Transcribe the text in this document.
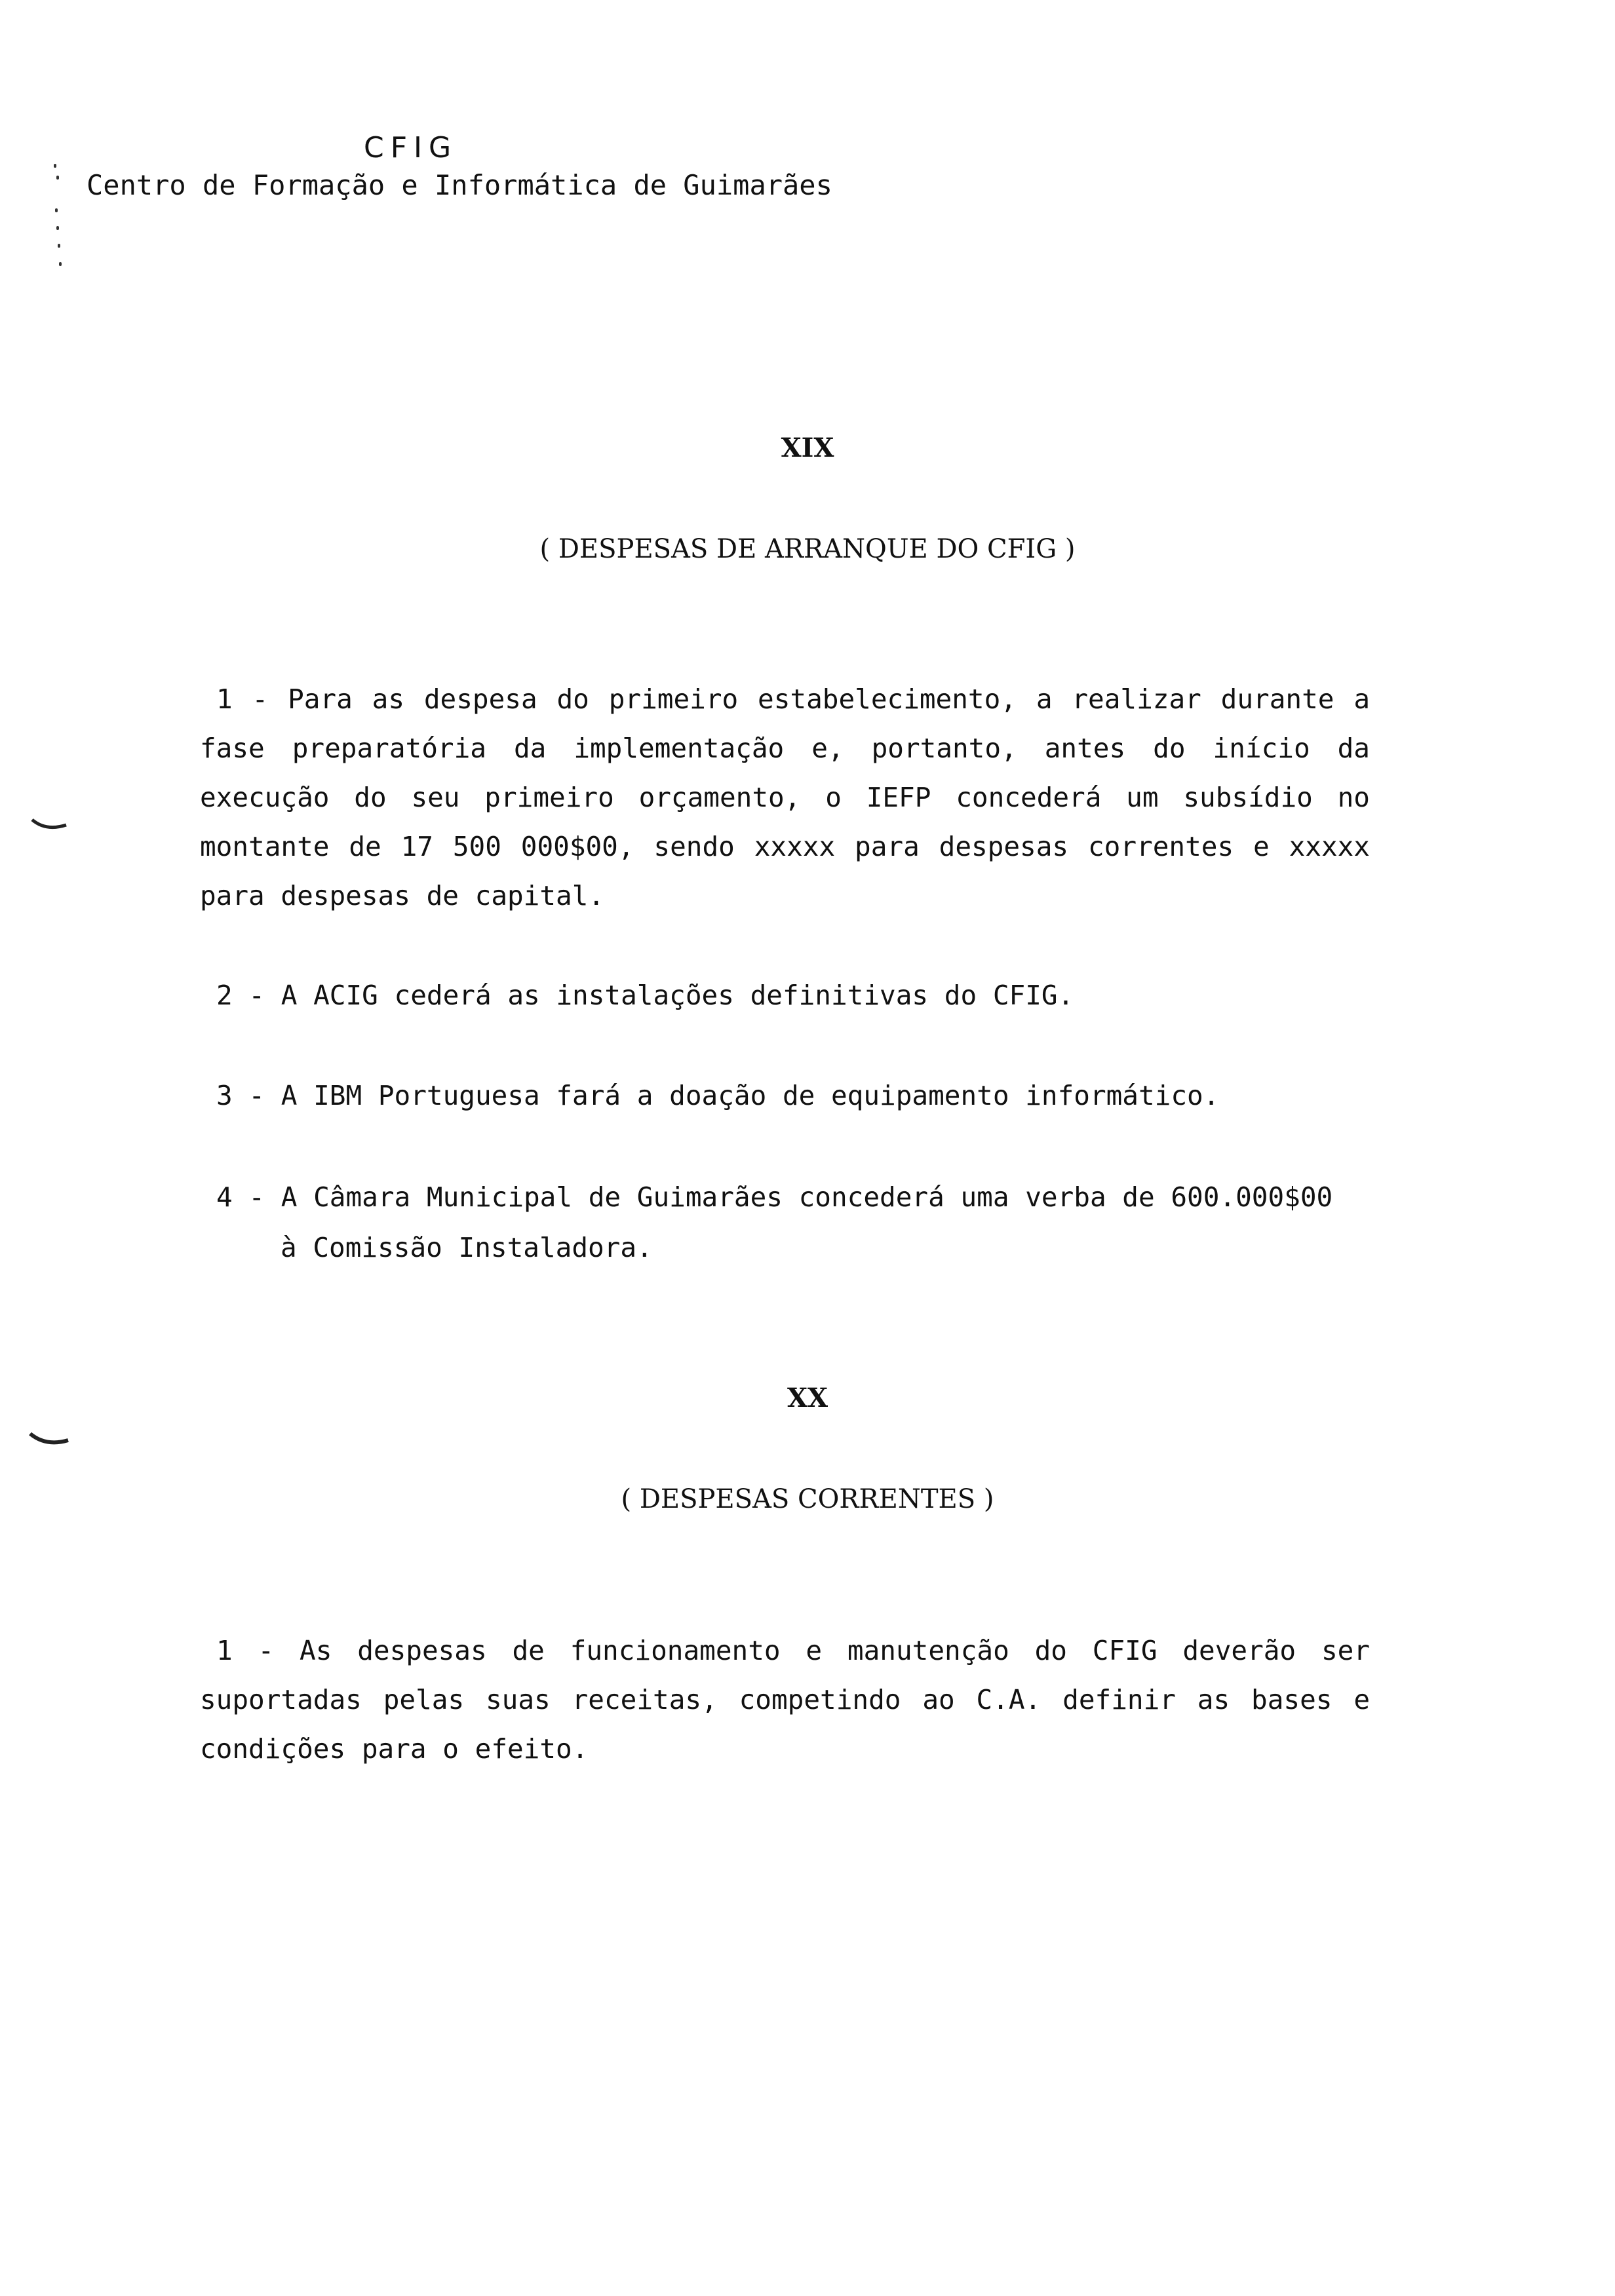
CFIG
Centro de Formação e Informática de Guimarães
XIX
( DESPESAS DE ARRANQUE DO CFIG )
1 - Para as despesa do primeiro estabelecimento, a realizar durante a fase preparatória da implementação e, portanto, antes do início da execução do seu primeiro orçamento, o IEFP concederá um subsídio no montante de 17 500 000$00, sendo xxxxx para despesas correntes e xxxxx para despesas de capital.
2 - A ACIG cederá as instalações definitivas do CFIG.
3 - A IBM Portuguesa fará a doação de equipamento informático.
4 - A Câmara Municipal de Guimarães concederá uma verba de 600.000$00
à Comissão Instaladora.
XX
( DESPESAS CORRENTES )
1 - As despesas de funcionamento e manutenção do CFIG deverão ser suportadas pelas suas receitas, competindo ao C.A. definir as bases e condições para o efeito.
